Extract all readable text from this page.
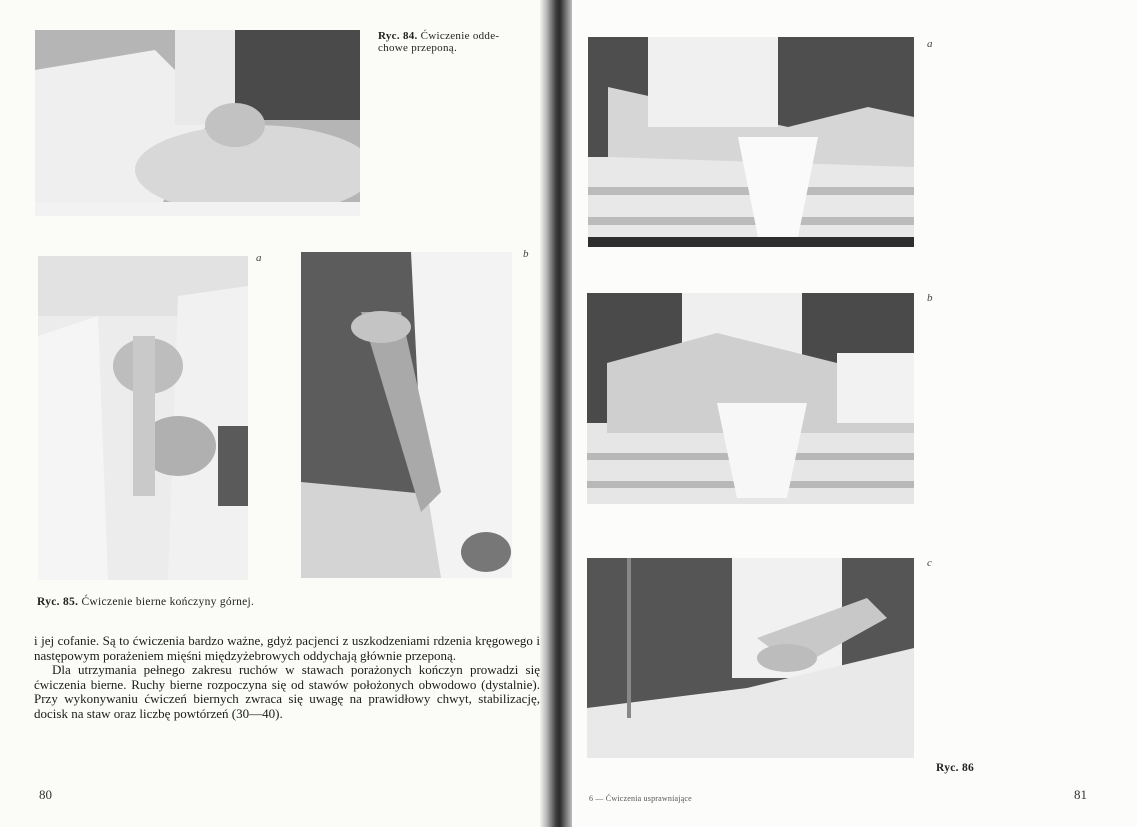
Ryc. 84. Ćwiczenie odde-
chowe przeponą.
a	b
Ryc. 85. Ćwiczenie bierne kończyny górnej.

i jej cofanie. Są to ćwiczenia bardzo ważne, gdyż pacjenci z uszkodzeniami rdzenia kręgowego i następowym porażeniem mięśni międzyżebrowych oddychają głównie przeponą.

Dla utrzymania pełnego zakresu ruchów w stawach porażonych kończyn prowadzi się ćwiczenia bierne. Ruchy bierne rozpoczyna się od stawów położonych obwodowo (dystalnie). Przy wykonywaniu ćwiczeń biernych zwraca się uwagę na prawidłowy chwyt, stabilizację, docisk na staw oraz liczbę powtórzeń (30—40).

80
a
b
c
Ryc. 86
6 — Ćwiczenia usprawniające	81
